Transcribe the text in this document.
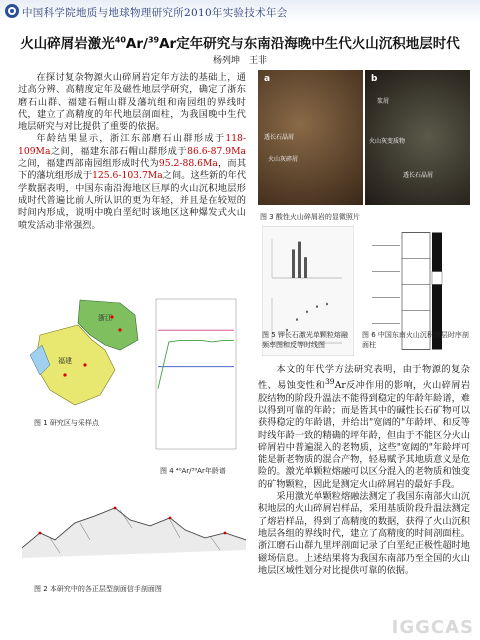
中国科学院地质与地球物理研究所2010年实验技术年会
火山碎屑岩激光$^{40}$Ar/$^{39}$Ar定年研究与东南沿海晚中生代火山沉积地层时代
杨列坤　王非

在探讨复杂物源火山碎屑岩定年方法的基础上，通过高分辨、高精度定年及磁性地层学研究，确定了浙东磨石山群、福建石帽山群及藩坑组和南园组的界线时代，建立了高精度的年代地层剖面柱，为我国晚中生代地层研究与对比提供了重要的依据。

年龄结果显示，浙江东部磨石山群形成于118-109Ma之间，福建东部石帽山群形成于86.6-87.9Ma之间，福建西部南园组形成时代为95.2-88.6Ma，而其下的藩坑组形成于125.6-103.7Ma之间。这些新的年代学数据表明，中国东南沿海地区巨厚的火山沉积地层形成时代普遍比前人所认识的更为年轻，并且是在较短的时间内形成，说明中晚白垩纪时该地区这种爆发式火山喷发活动非常强烈。

a
透长石晶屑
火山灰碎屑
b
浆屑
火山灰变质物
透长石晶屑
图 3 酸性火山碎屑岩的显微照片
图 5 钾长石激光单颗粒熔融频率图和反等时线图
图 6 中国东南火山沉积地层时序剖面柱

本文的年代学方法研究表明，由于物源的复杂性、易蚀变性和$^{39}$Ar反冲作用的影响，火山碎屑岩胶结物的阶段升温法不能得到稳定的年龄年龄谱，难以得到可靠的年龄；而是皆其中的碱性长石矿物可以获得稳定的年龄谱，并给出"宽阔的"年龄坪、和反等时线年龄一致的精确的坪年龄，但由于不能区分火山碎屑岩中普遍混入的老物质，这些"宽阔的"年龄坪可能是新老物质的混合产物，轻易赋予其地质意义是危险的。激光单颗粒熔融可以区分混入的老物质和蚀变的矿物颗粒，因此是测定火山碎屑岩的最好手段。

采用激光单颗粒熔融法测定了我国东南部火山沉积地层的火山碎屑岩样品，采用基质阶段升温法测定了熔岩样品，得到了高精度的数据，获得了火山沉积地层各组的界线时代，建立了高精度的时间剖面柱。浙江磨石山群九里坪剖面记录了白垩纪正极性超时地磁场信息。上述结果将为我国东南部乃至全国的火山地层区域性划分对比提供可靠的依据。

福建
浙江
图 1 研究区与采样点
图 4 ⁴⁰Ar/³⁹Ar年龄谱
图 2 本研究中的各正层型剖面信手剖面图
IGGCAS
